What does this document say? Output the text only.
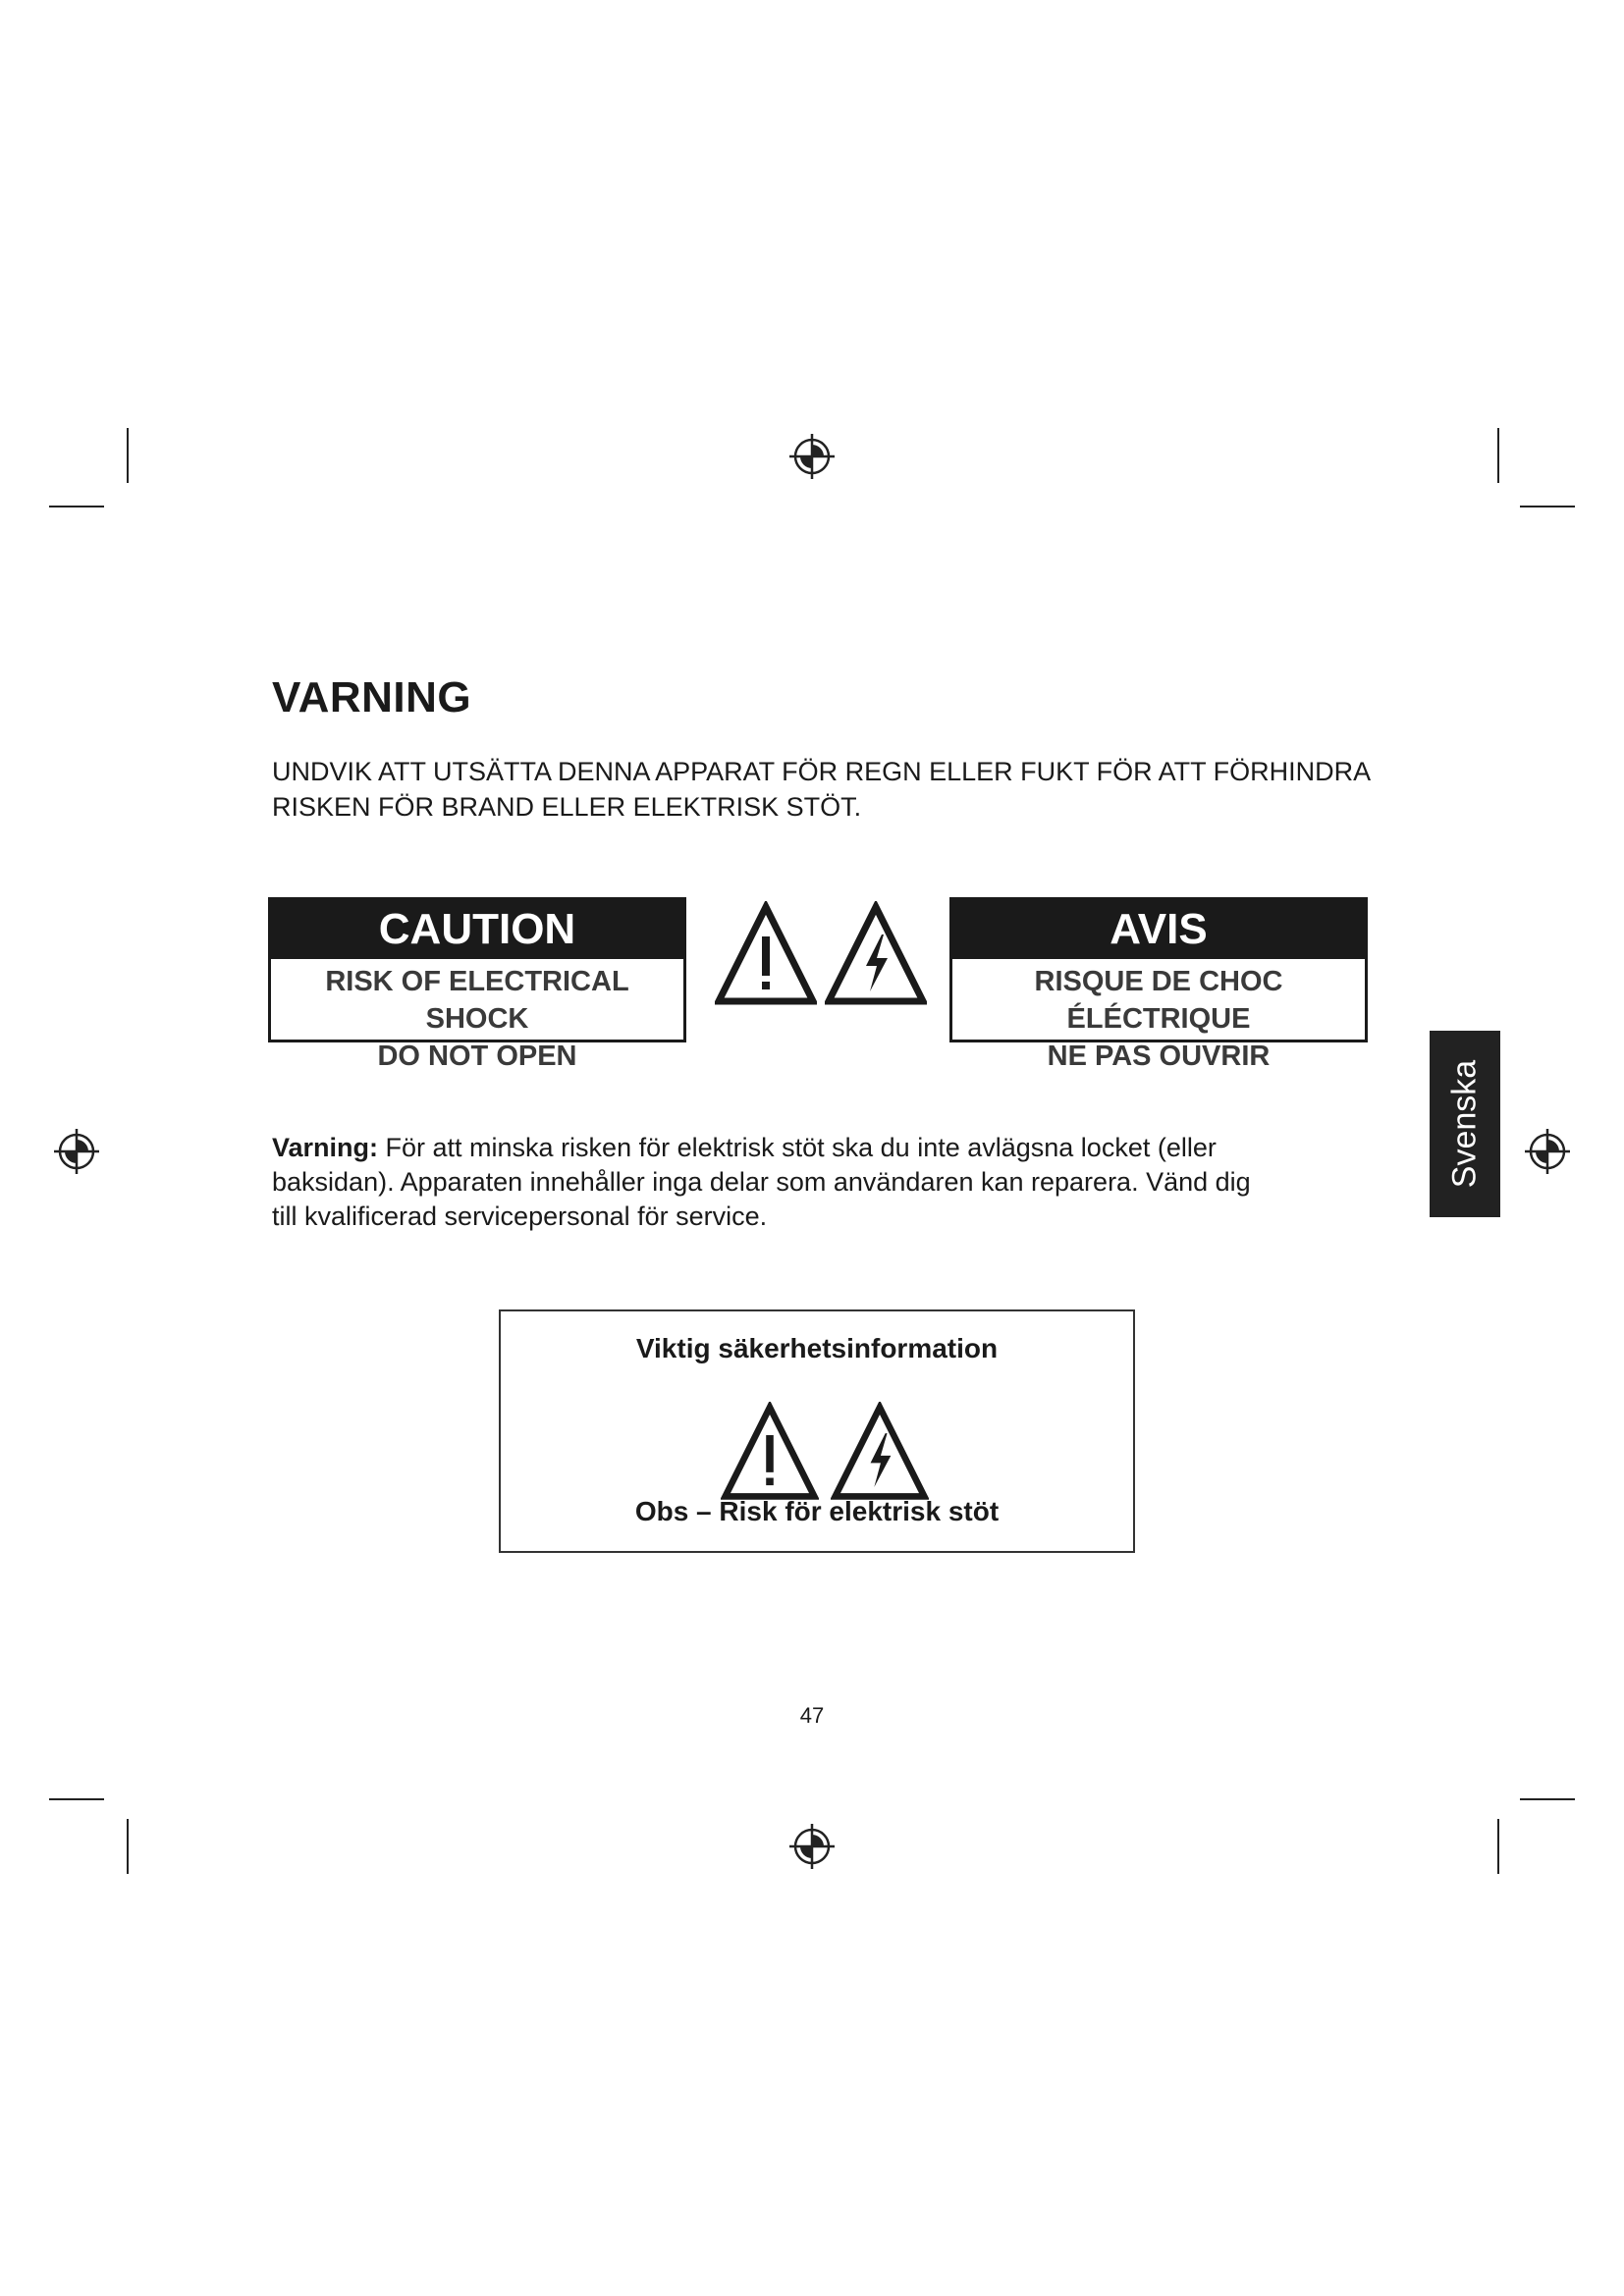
VARNING

UNDVIK ATT UTSÄTTA DENNA APPARAT FÖR REGN ELLER FUKT FÖR ATT FÖRHINDRA RISKEN FÖR BRAND ELLER ELEKTRISK STÖT.

CAUTION
RISK OF ELECTRICAL SHOCK
DO NOT OPEN
AVIS
RISQUE DE CHOC ÉLÉCTRIQUE
NE PAS OUVRIR

Varning: För att minska risken för elektrisk stöt ska du inte avlägsna locket (eller baksidan). Apparaten innehåller inga delar som användaren kan reparera. Vänd dig till kvalificerad servicepersonal för service.

Viktig säkerhetsinformation
Obs – Risk för elektrisk stöt
Svenska
47
